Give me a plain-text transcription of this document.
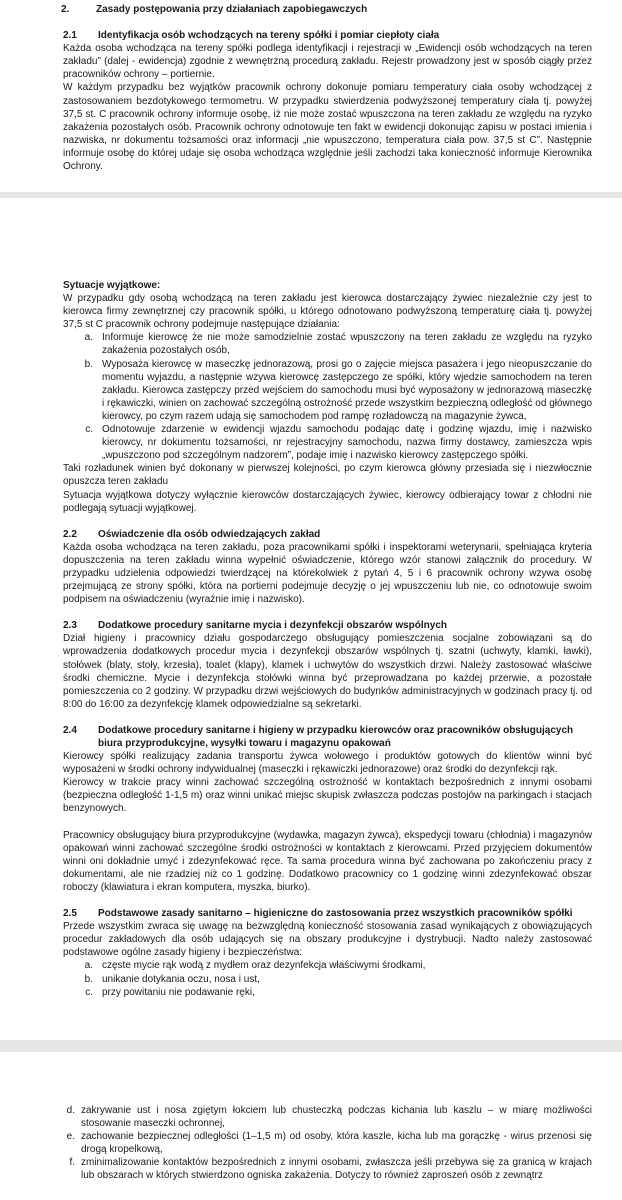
2.	Zasady postępowania przy działaniach zapobiegawczych
2.1 Identyfikacja osób wchodzących na tereny spółki i pomiar ciepłoty ciała

Każda osoba wchodząca na tereny spółki podlega identyfikacji i rejestracji w „Ewidencji osób wchodzących na teren zakładu” (dalej - ewidencja) zgodnie z wewnętrzną procedurą zakładu. Rejestr prowadzony jest w sposób ciągły przez pracowników ochrony – portiernie.

W każdym przypadku bez wyjątków pracownik ochrony dokonuje pomiaru temperatury ciała osoby wchodzącej z zastosowaniem bezdotykowego termometru. W przypadku stwierdzenia podwyższonej temperatury ciała tj. powyżej 37,5 st. C pracownik ochrony informuje osobę, iż nie może zostać wpuszczona na teren zakładu ze względu na ryzyko zakażenia pozostałych osób. Pracownik ochrony odnotowuje ten fakt w ewidencji dokonując zapisu w postaci imienia i nazwiska, nr dokumentu tożsamości oraz informacji „nie wpuszczono, temperatura ciała pow. 37,5 st C”. Następnie informuje osobę do której udaje się osoba wchodząca względnie jeśli zachodzi taka konieczność informuje Kierownika Ochrony.

Sytuacje wyjątkowe:

W przypadku gdy osobą wchodzącą na teren zakładu jest kierowca dostarczający żywiec niezależnie czy jest to kierowca firmy zewnętrznej czy pracownik spółki, u którego odnotowano podwyższoną temperaturę ciała tj. powyżej 37,5 st C pracownik ochrony podejmuje następujące działania:

a. Informuje kierowcę że nie może samodzielnie zostać wpuszczony na teren zakładu ze względu na ryzyko zakażenia pozostałych osób,
b. Wyposaża kierowcę w maseczkę jednorazową, prosi go o zajęcie miejsca pasażera i jego nieopuszczanie do momentu wyjazdu, a następnie wzywa kierowcę zastępczego ze spółki, który wjedzie samochodem na teren zakładu. Kierowca zastępczy przed wejściem do samochodu musi być wyposażony w jednorazową maseczkę i rękawiczki, winien on zachować szczególną ostrożność przede wszystkim bezpieczną odległość od głównego kierowcy, po czym razem udają się samochodem pod rampę rozładowczą na magazynie żywca,
c. Odnotowuje zdarzenie w ewidencji wjazdu samochodu podając datę i godzinę wjazdu, imię i nazwisko kierowcy, nr dokumentu tożsamości, nr rejestracyjny samochodu, nazwa firmy dostawcy, zamieszcza wpis „wpuszczono pod szczególnym nadzorem”, podaje imię i nazwisko kierowcy zastępczego spółki.

Taki rozładunek winien być dokonany w pierwszej kolejności, po czym kierowca główny przesiada się i niezwłocznie opuszcza teren zakładu

Sytuacja wyjątkowa dotyczy wyłącznie kierowców dostarczających żywiec, kierowcy odbierający towar z chłodni nie podlegają sytuacji wyjątkowej.

2.2 Oświadczenie dla osób odwiedzających zakład

Każda osoba wchodząca na teren zakładu, poza pracownikami spółki i inspektorami weterynarii, spełniająca kryteria dopuszczenia na teren zakładu winna wypełnić oświadczenie, którego wzór stanowi załącznik do procedury. W przypadku udzielenia odpowiedzi twierdzącej na którekolwiek z pytań 4, 5 i 6 pracownik ochrony wzywa osobę przejmującą ze strony spółki, która na portierni podejmuje decyzję o jej wpuszczeniu lub nie, co odnotowuje swoim podpisem na oświadczeniu (wyraźnie imię i nazwisko).

2.3 Dodatkowe procedury sanitarne mycia i dezynfekcji obszarów wspólnych

Dział higieny i pracownicy działu gospodarczego obsługujący pomieszczenia socjalne zobowiązani są do wprowadzenia dodatkowych procedur mycia i dezynfekcji obszarów wspólnych tj. szatni (uchwyty, klamki, ławki), stołówek (blaty, stoły, krzesła), toalet (klapy), klamek i uchwytów do wszystkich drzwi. Należy zastosować właściwe środki chemiczne. Mycie i dezynfekcja stołówki winna być przeprowadzana po każdej przerwie, a pozostałe pomieszczenia co 2 godziny. W przypadku drzwi wejściowych do budynków administracyjnych w godzinach pracy tj. od 8:00 do 16:00 za dezynfekcję klamek odpowiedzialne są sekretarki.

2.4	Dodatkowe procedury sanitarne i higieny w przypadku kierowców oraz pracowników obsługujących biura przyprodukcyjne, wysyłki towaru i magazynu opakowań

Kierowcy spółki realizujący zadania transportu żywca wołowego i produktów gotowych do klientów winni być wyposażeni w środki ochrony indywidualnej (maseczki i rękawiczki jednorazowe) oraz środki do dezynfekcji rąk.

Kierowcy w trakcie pracy winni zachować szczególną ostrożność w kontaktach bezpośrednich z innymi osobami (bezpieczna odległość 1-1,5 m) oraz winni unikać miejsc skupisk zwłaszcza podczas postojów na parkingach i stacjach benzynowych.

Pracownicy obsługujący biura przyprodukcyjne (wydawka, magazyn żywca), ekspedycji towaru (chłodnia) i magazynów opakowań winni zachować szczególne środki ostrożności w kontaktach z kierowcami. Przed przyjęciem dokumentów winni oni dokładnie umyć i zdezynfekować ręce. Ta sama procedura winna być zachowana po zakończeniu pracy z dokumentami, ale nie rzadziej niż co 1 godzinę. Dodatkowo pracownicy co 1 godzinę winni zdezynfekować obszar roboczy (klawiatura i ekran komputera, myszka, biurko).

2.5 Podstawowe zasady sanitarno – higieniczne do zastosowania przez wszystkich pracowników spółki

Przede wszystkim zwraca się uwagę na bezwzględną konieczność stosowania zasad wynikających z obowiązujących procedur zakładowych dla osób udających się na obszary produkcyjne i dystrybucji. Nadto należy zastosować podstawowe ogólne zasady higieny i bezpieczeństwa:

a. częste mycie rąk wodą z mydłem oraz dezynfekcja właściwymi środkami,
b. unikanie dotykania oczu, nosa i ust,
c. przy powitaniu nie podawanie ręki,
d. zakrywanie ust i nosa zgiętym łokciem lub chusteczką podczas kichania lub kaszlu – w miarę możliwości stosowanie maseczki ochronnej,
e. zachowanie bezpiecznej odległości (1–1,5 m) od osoby, która kaszle, kicha lub ma gorączkę - wirus przenosi się drogą kropelkową,
f. zminimalizowanie kontaktów bezpośrednich z innymi osobami, zwłaszcza jeśli przebywa się za granicą w krajach lub obszarach w których stwierdzono ogniska zakażenia. Dotyczy to również zaproszeń osób z zewnątrz
